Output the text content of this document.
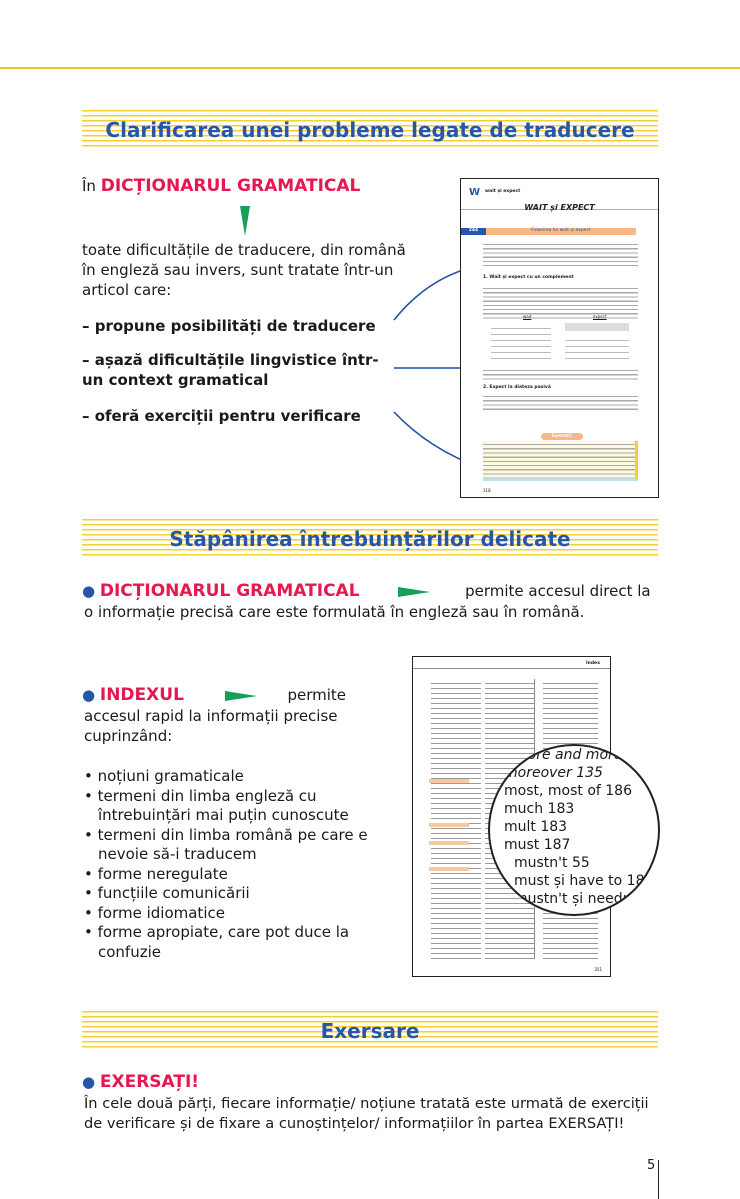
Clarificarea unei probleme legate de traducere
În DICȚIONARUL GRAMATICAL
toate dificultățile de traducere, din română în engleză sau invers, sunt tratate într-un articol care:
– propune posibilități de traducere
– așază dificultățile lingvistice într-un context gramatical
– oferă exerciții pentru verificare
W wait și expect
WAIT și EXPECT
244	Folosirea lui wait și expect
1. Wait și expect cu un complement
wait	expect
2. Expect la diateza pasivă
Exersați!
318
Stăpânirea întrebuințărilor delicate
● DICȚIONARUL GRAMATICAL	permite accesul direct la
o informație precisă care este formulată în engleză sau în română.
● INDEXUL	permite
accesul rapid la informații precise cuprinzând:
• noțiuni gramaticale
• termeni din limba engleză cu întrebuințări mai puțin cunoscute
• termeni din limba română pe care e nevoie să-i traducem
• forme neregulate
• funcțiile comunicării
• forme idiomatice
• forme apropiate, care pot duce la confuzie
Index
351
more and more
moreover 135
most, most of 186
much 183
mult 183
must 187
mustn't 55
must și have to 188
mustn't și needn't
Exersare
● EXERSAȚI!
În cele două părți, fiecare informație/ noțiune tratată este urmată de exerciții de verificare și de fixare a cunoștințelor/ informațiilor în partea EXERSAȚI!
5
